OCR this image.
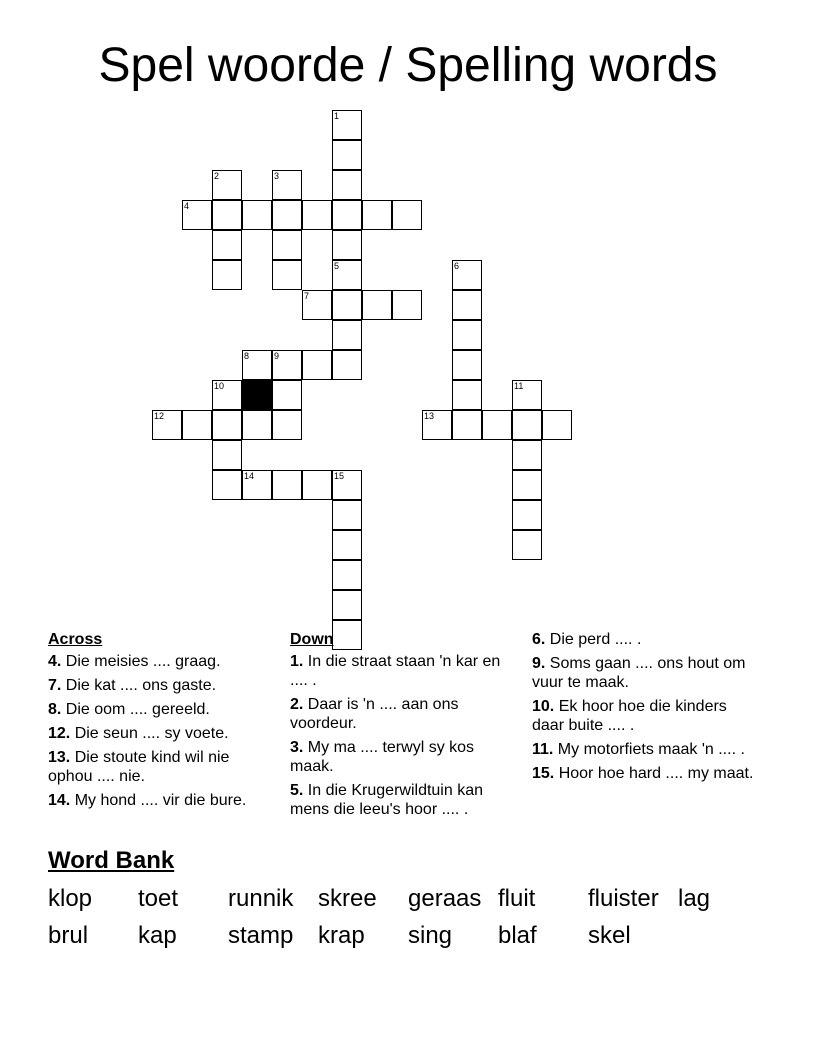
Spel woorde / Spelling words
4
7
8	9
12	13
14	15
1
5
2	3
6
10	11
Across
4. Die meisies .... graag.
7. Die kat .... ons gaste.
8. Die oom .... gereeld.
12. Die seun .... sy voete.
13. Die stoute kind wil nie ophou .... nie.
14. My hond .... vir die bure.
Down
1. In die straat staan 'n kar en .... .
2. Daar is 'n .... aan ons voordeur.
3. My ma .... terwyl sy kos maak.
5. In die Krugerwildtuin kan mens die leeu's hoor .... .
6. Die perd .... .
9. Soms gaan .... ons hout om vuur te maak.
10. Ek hoor hoe die kinders daar buite .... .
11. My motorfiets maak 'n .... .
15. Hoor hoe hard .... my maat.
Word Bank
klop toet runnik skree geraas fluit fluister lag
brul kap stamp krap sing blaf skel
